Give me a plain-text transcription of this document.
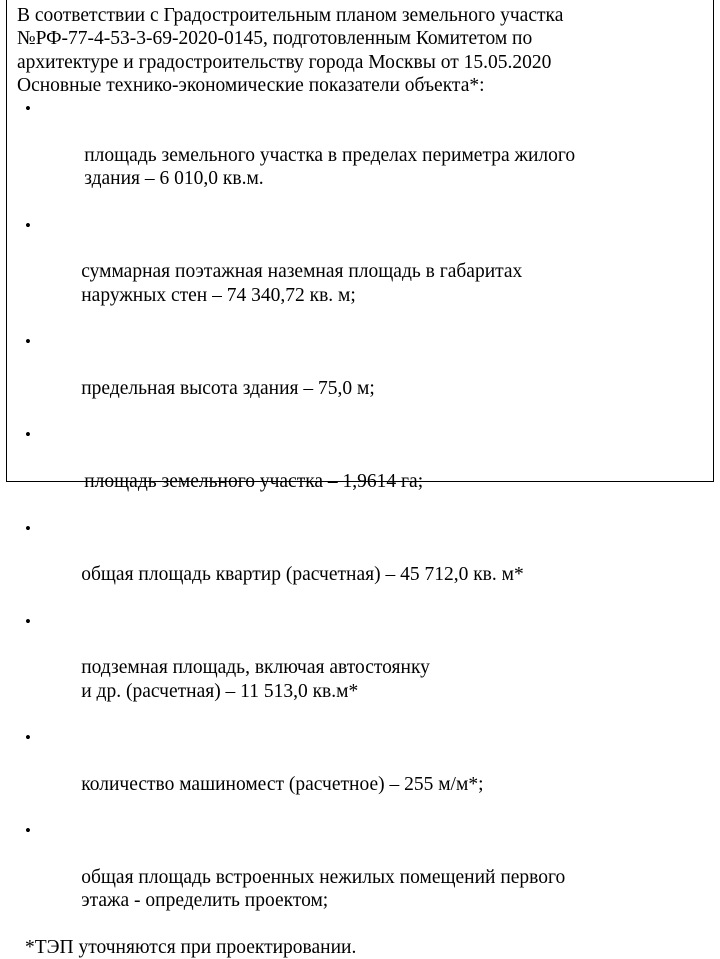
В соответствии с Градостроительным планом земельного участка

№РФ-77-4-53-3-69-2020-0145, подготовленным Комитетом по

архитектуре и градостроительству города Москвы от 15.05.2020

Основные технико-экономические показатели объекта*:

•

площадь земельного участка в пределах периметра жилого
здания – 6 010,0 кв.м.

•

суммарная поэтажная наземная площадь в габаритах
наружных стен – 74 340,72 кв. м;

•

предельная высота здания – 75,0 м;

•

площадь земельного участка – 1,9614 га;

•

общая площадь квартир (расчетная) – 45 712,0 кв. м*

•

подземная площадь, включая автостоянку
и др. (расчетная) – 11 513,0 кв.м*

•

количество машиномест (расчетное) – 255 м/м*;

•

общая площадь встроенных нежилых помещений первого
этажа - определить проектом;

*ТЭП уточняются при проектировании.
